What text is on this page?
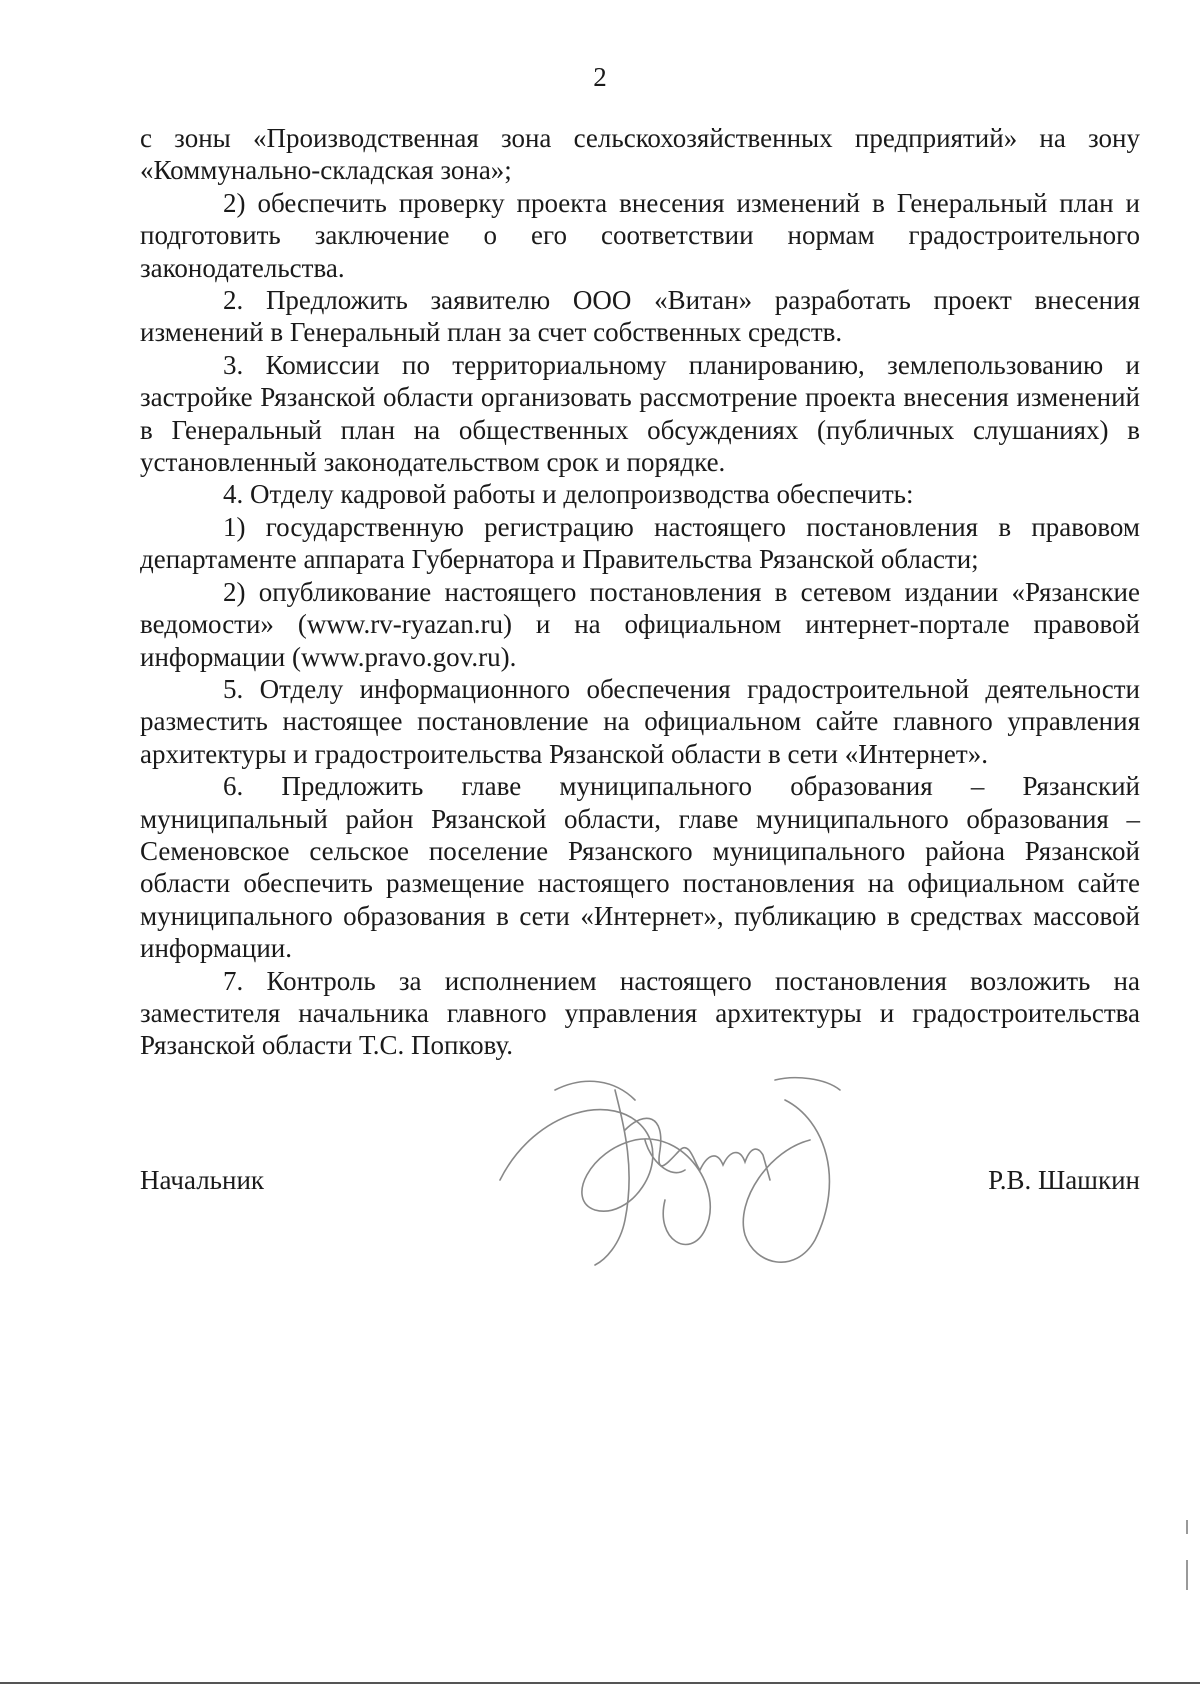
2

с зоны «Производственная зона сельскохозяйственных предприятий» на зону «Коммунально-складская зона»;

2) обеспечить проверку проекта внесения изменений в Генеральный план и подготовить заключение о его соответствии нормам градостроительного законодательства.

2. Предложить заявителю ООО «Витан» разработать проект внесения изменений в Генеральный план за счет собственных средств.

3. Комиссии по территориальному планированию, землепользованию и застройке Рязанской области организовать рассмотрение проекта внесения изменений в Генеральный план на общественных обсуждениях (публичных слушаниях) в установленный законодательством срок и порядке.

4. Отделу кадровой работы и делопроизводства обеспечить:

1) государственную регистрацию настоящего постановления в правовом департаменте аппарата Губернатора и Правительства Рязанской области;

2) опубликование настоящего постановления в сетевом издании «Рязанские ведомости» (www.rv-ryazan.ru) и на официальном интернет-портале правовой информации (www.pravo.gov.ru).

5. Отделу информационного обеспечения градостроительной деятельности разместить настоящее постановление на официальном сайте главного управления архитектуры и градостроительства Рязанской области в сети «Интернет».

6. Предложить главе муниципального образования – Рязанский муниципальный район Рязанской области, главе муниципального образования – Семеновское сельское поселение Рязанского муниципального района Рязанской области обеспечить размещение настоящего постановления на официальном сайте муниципального образования в сети «Интернет», публикацию в средствах массовой информации.

7. Контроль за исполнением настоящего постановления возложить на заместителя начальника главного управления архитектуры и градостроительства Рязанской области Т.С. Попкову.

Начальник	Р.В. Шашкин
